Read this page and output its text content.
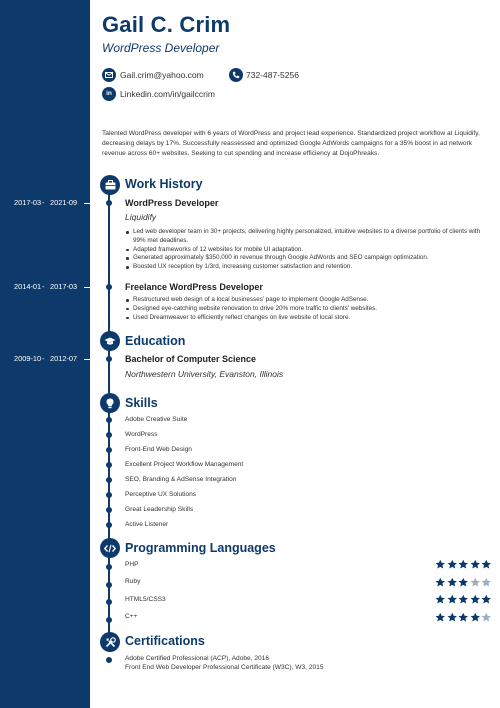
Gail C. Crim
WordPress Developer
Gail.crim@yahoo.com	732-487-5256
in Linkedin.com/in/gailccrim
Talented WordPress developer with 6 years of WordPress and project lead experience. Standardized project workflow at Liquidify, decreasing delays by 17%. Successfully reassessed and optimized Google AdWords campaigns for a 35% boost in ad network revenue across 60+ websites. Seeking to cut spending and increase efficiency at DojoPhreaks.
Work History
2017-03 - 2021-09	WordPress Developer
Liquidify
Led web developer team in 30+ projects, delivering highly personalized, intuitive websites to a diverse portfolio of clients with 99% met deadlines.
Adapted frameworks of 12 websites for mobile UI adaptation.
Generated approximately $350,000 in revenue through Google AdWords and SEO campaign optimization.
Boosted UX reception by 1/3rd, increasing customer satisfaction and retention.
2014-01 - 2017-03	Freelance WordPress Developer
Restructured web design of a local businesses' page to implement Google AdSense.
Designed eye-catching website renovation to drive 20% more traffic to clients' websites.
Used Dreamweaver to efficiently reflect changes on live website of local store.
Education
2009-10 - 2012-07	Bachelor of Computer Science
Northwestern University, Evanston, Illinois
Skills
Adobe Creative Suite
WordPress
Front-End Web Design
Excellent Project Workflow Management
SEO, Branding & AdSense Integration
Perceptive UX Solutions
Great Leadership Skills
Active Listener
Programming Languages
PHP
Ruby
HTML5/CSS3
C++
Certifications
Adobe Certified Professional (ACP), Adobe, 2016
Front End Web Developer Professional Certificate (W3C), W3, 2015
